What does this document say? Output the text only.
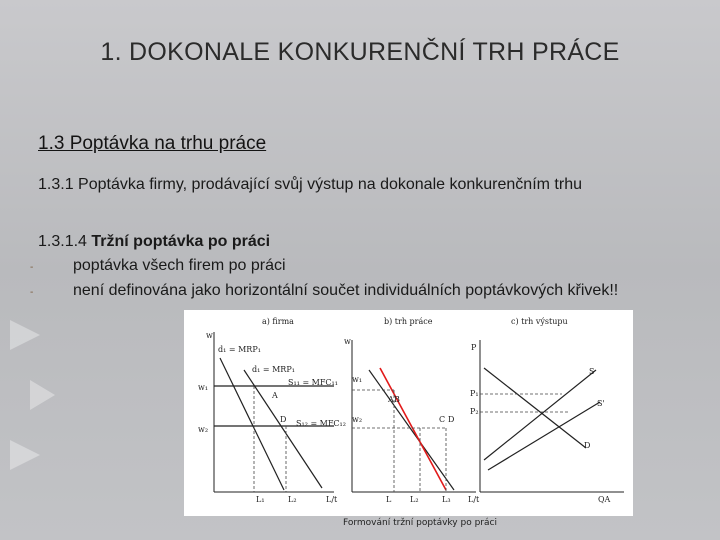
1. DOKONALE KONKURENČNÍ TRH PRÁCE
1.3 Poptávka na trhu práce
1.3.1 Poptávka firmy, prodávající svůj výstup na dokonale konkurenčním trhu
1.3.1.4 Tržní poptávka po práci
- poptávka všech firem po práci
- není definována jako horizontální součet individuálních poptávkových křivek!!
a) firma	b) trh práce	c) trh výstupu
w
d₁ = MRP₁
d₁ = MRP₁
S₁₁ = MFC₁₁
S₁₂ = MFC₁₂
w₁
w₂
A
D
L₁	L₂	L/t
w
w₁
w₂
A B
C D
L L₂	L₃ L/t
P
P₁
P₂
S
S'
D
QA
Formování tržní poptávky po práci
